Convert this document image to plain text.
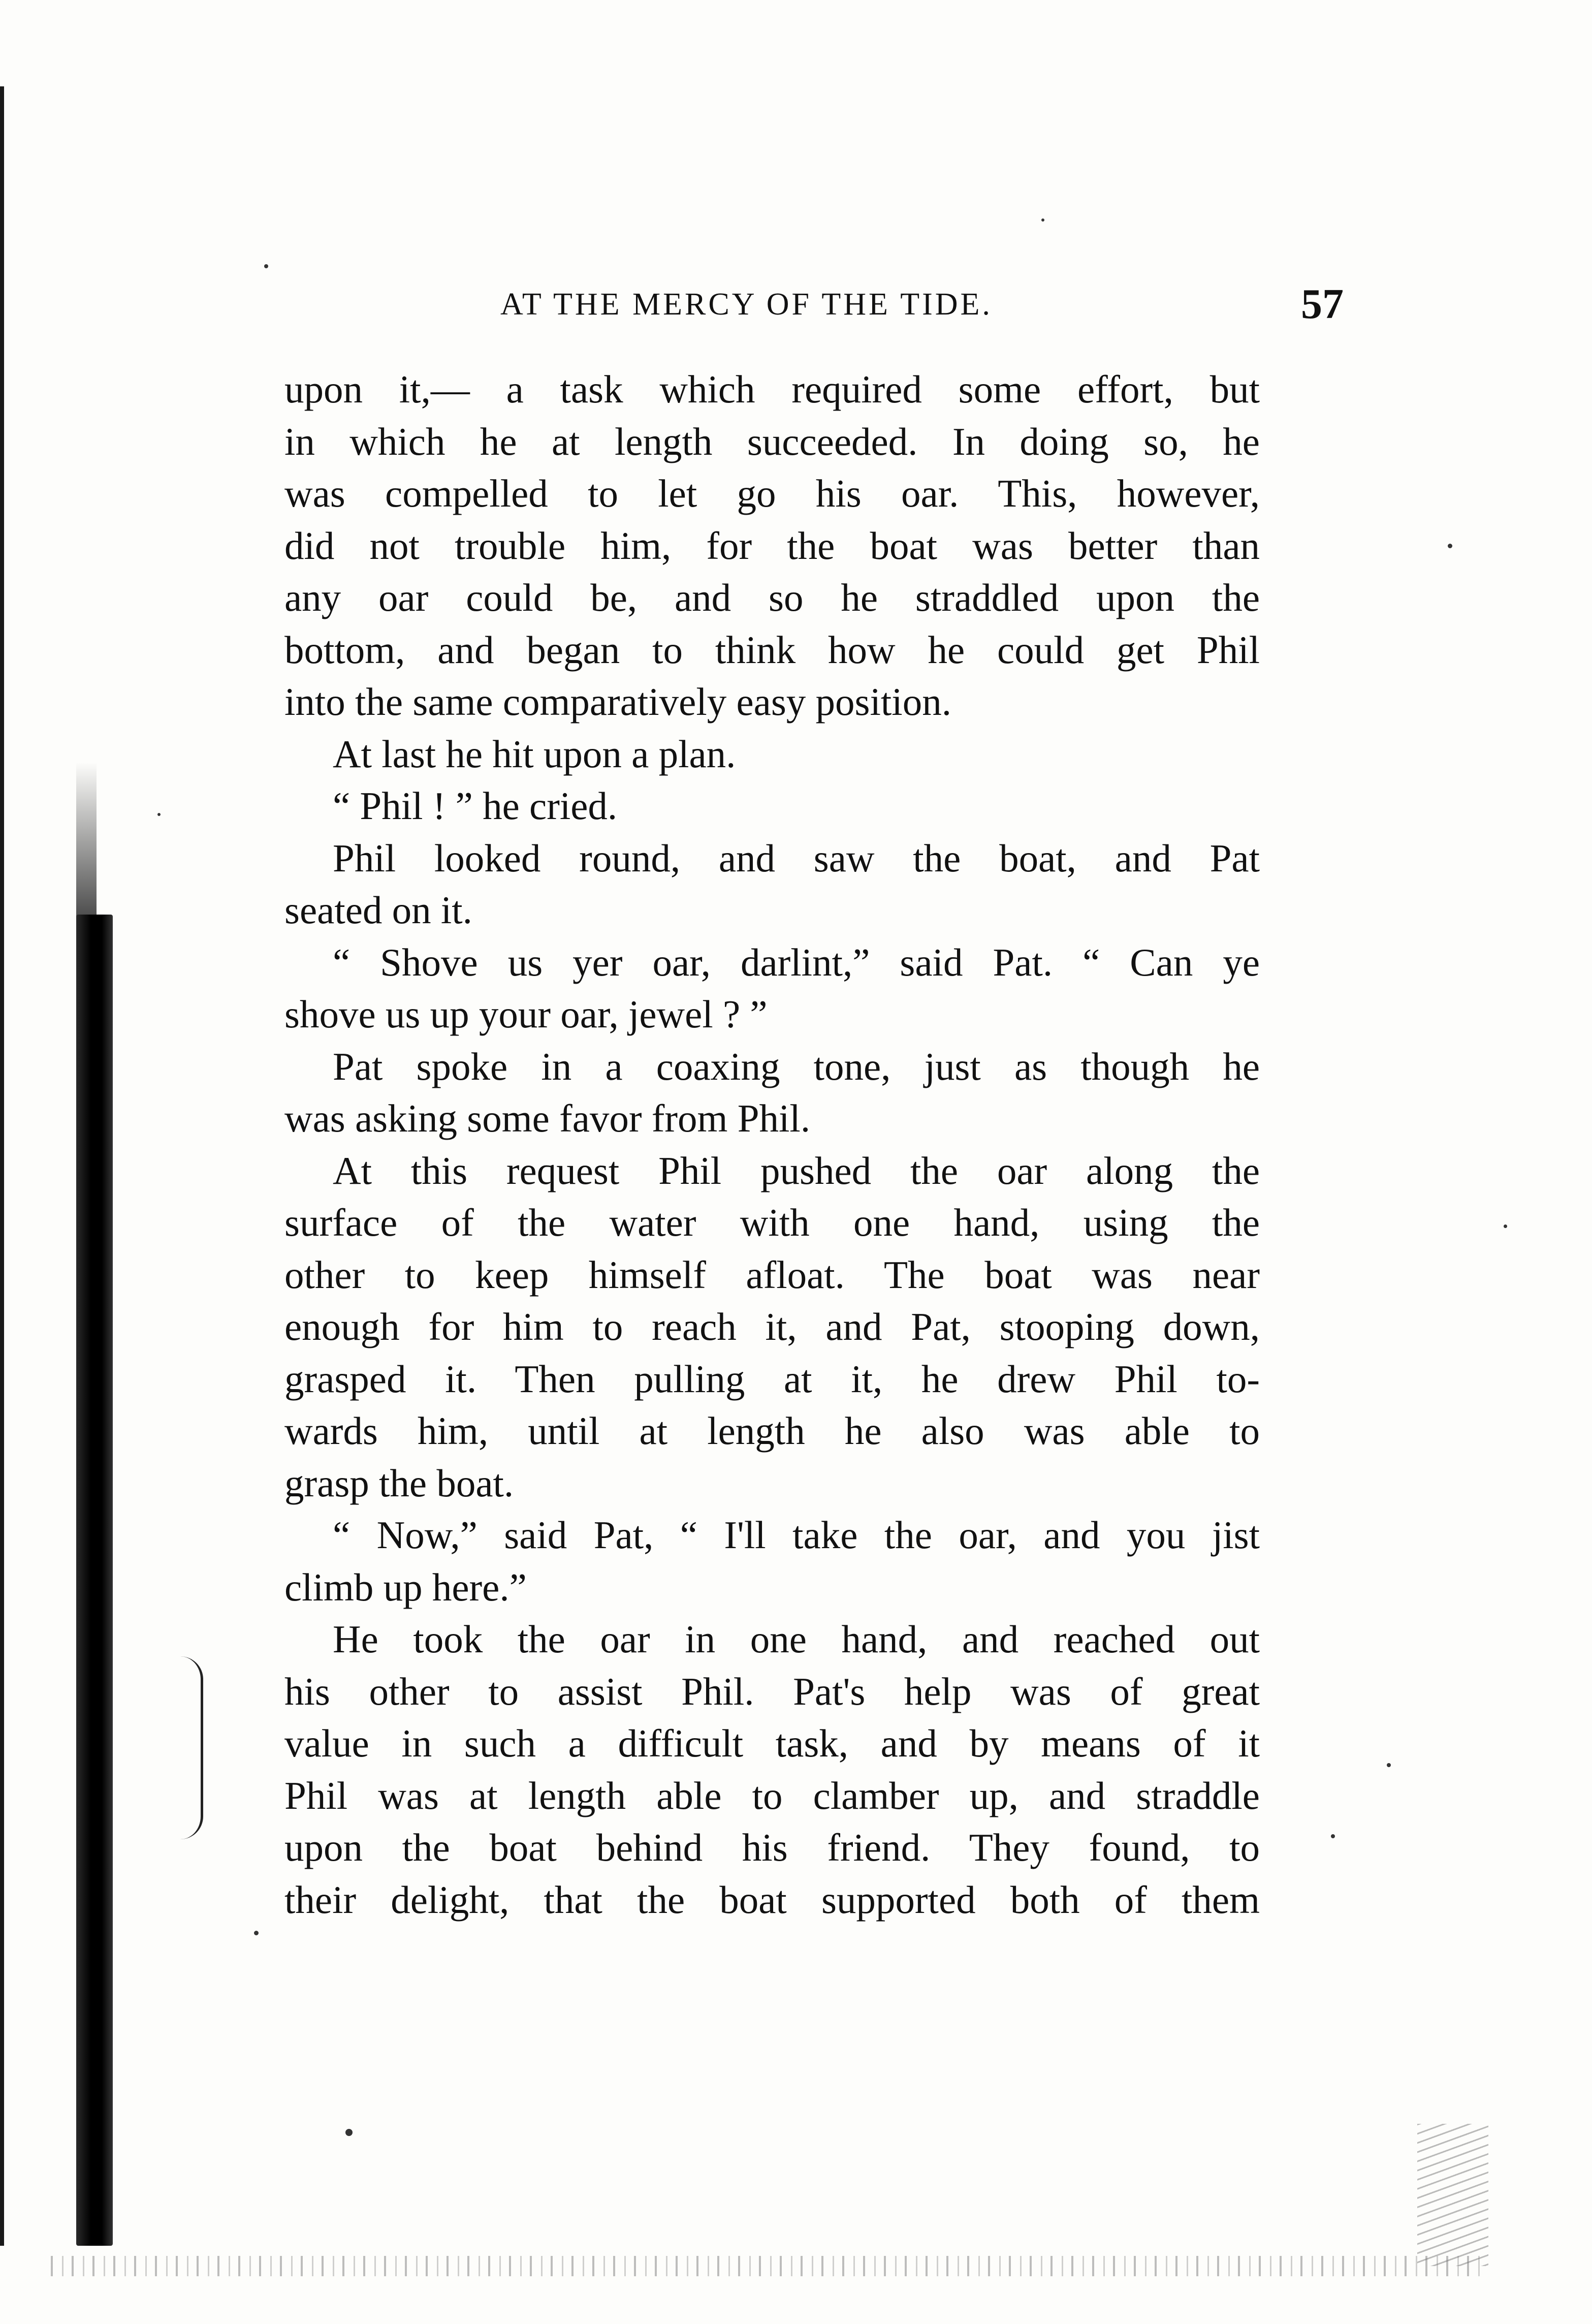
AT THE MERCY OF THE TIDE.	57
upon it,— a task which required some effort, but
in which he at length succeeded. In doing so, he
was compelled to let go his oar. This, however,
did not trouble him, for the boat was better than
any oar could be, and so he straddled upon the
bottom, and began to think how he could get Phil
into the same comparatively easy position.
At last he hit upon a plan.
“ Phil ! ” he cried.
Phil looked round, and saw the boat, and Pat
seated on it.
“ Shove us yer oar, darlint,” said Pat. “ Can ye
shove us up your oar, jewel ? ”
Pat spoke in a coaxing tone, just as though he
was asking some favor from Phil.
At this request Phil pushed the oar along the
surface of the water with one hand, using the
other to keep himself afloat. The boat was near
enough for him to reach it, and Pat, stooping down,
grasped it. Then pulling at it, he drew Phil to-
wards him, until at length he also was able to
grasp the boat.
“ Now,” said Pat, “ I'll take the oar, and you jist
climb up here.”
He took the oar in one hand, and reached out
his other to assist Phil. Pat's help was of great
value in such a difficult task, and by means of it
Phil was at length able to clamber up, and straddle
upon the boat behind his friend. They found, to
their delight, that the boat supported both of them
